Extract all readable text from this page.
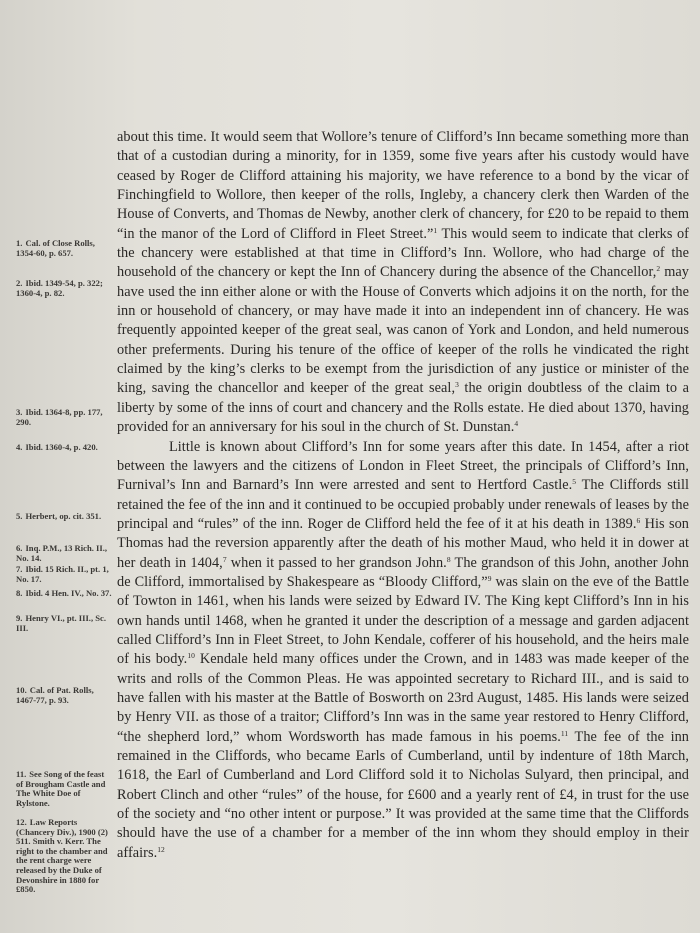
about this time. It would seem that Wollore’s tenure of Clifford’s Inn became something more than that of a custodian during a minority, for in 1359, some five years after his custody would have ceased by Roger de Clifford attaining his majority, we have reference to a bond by the vicar of Finchingfield to Wollore, then keeper of the rolls, Ingleby, a chancery clerk then Warden of the House of Converts, and Thomas de Newby, another clerk of chancery, for £20 to be repaid to them “in the manor of the Lord of Clifford in Fleet Street.”$^1$ This would seem to indicate that clerks of the chancery were established at that time in Clifford’s Inn. Wollore, who had charge of the household of the chancery or kept the Inn of Chancery during the absence of the Chancellor,$^2$ may have used the inn either alone or with the House of Converts which adjoins it on the north, for the inn or household of chancery, or may have made it into an independent inn of chancery. He was frequently appointed keeper of the great seal, was canon of York and London, and held numerous other preferments. During his tenure of the office of keeper of the rolls he vindicated the right claimed by the king’s clerks to be exempt from the jurisdiction of any justice or minister of the king, saving the chancellor and keeper of the great seal,$^3$ the origin doubtless of the claim to a liberty by some of the inns of court and chancery and the Rolls estate. He died about 1370, having provided for an anniversary for his soul in the church of St. Dunstan.$^4$

Little is known about Clifford’s Inn for some years after this date. In 1454, after a riot between the lawyers and the citizens of London in Fleet Street, the principals of Clifford’s Inn, Furnival’s Inn and Barnard’s Inn were arrested and sent to Hertford Castle.$^5$ The Cliffords still retained the fee of the inn and it continued to be occupied probably under renewals of leases by the principal and “rules” of the inn. Roger de Clifford held the fee of it at his death in 1389.$^6$ His son Thomas had the reversion apparently after the death of his mother Maud, who held it in dower at her death in 1404,$^7$ when it passed to her grandson John.$^8$ The grandson of this John, another John de Clifford, immortalised by Shakespeare as “Bloody Clifford,”$^9$ was slain on the eve of the Battle of Towton in 1461, when his lands were seized by Edward IV. The King kept Clifford’s Inn in his own hands until 1468, when he granted it under the description of a message and garden adjacent called Clifford’s Inn in Fleet Street, to John Kendale, cofferer of his household, and the heirs male of his body.$^{10}$ Kendale held many offices under the Crown, and in 1483 was made keeper of the writs and rolls of the Common Pleas. He was appointed secretary to Richard III., and is said to have fallen with his master at the Battle of Bosworth on 23rd August, 1485. His lands were seized by Henry VII. as those of a traitor; Clifford’s Inn was in the same year restored to Henry Clifford, “the shepherd lord,” whom Wordsworth has made famous in his poems.$^{11}$ The fee of the inn remained in the Cliffords, who became Earls of Cumberland, until by indenture of 18th March, 1618, the Earl of Cumberland and Lord Clifford sold it to Nicholas Sulyard, then principal, and Robert Clinch and other “rules” of the house, for £600 and a yearly rent of £4, in trust for the use of the society and “no other intent or purpose.” It was provided at the same time that the Cliffords should have the use of a chamber for a member of the inn whom they should employ in their affairs.$^{12}$

1. Cal. of Close Rolls, 1354-60, p. 657.
2. Ibid. 1349-54, p. 322; 1360-4, p. 82.
3. Ibid. 1364-8, pp. 177, 290.
4. Ibid. 1360-4, p. 420.
5. Herbert, op. cit. 351.
6. Inq. P.M., 13 Rich. II., No. 14.
7. Ibid. 15 Rich. II., pt. 1, No. 17.
8. Ibid. 4 Hen. IV., No. 37.
9. Henry VI., pt. III., Sc. III.
10. Cal. of Pat. Rolls, 1467-77, p. 93.
11. See Song of the feast of Brougham Castle and The White Doe of Rylstone.
12. Law Reports (Chancery Div.), 1900 (2) 511. Smith v. Kerr. The right to the chamber and the rent charge were released by the Duke of Devonshire in 1880 for £850.
